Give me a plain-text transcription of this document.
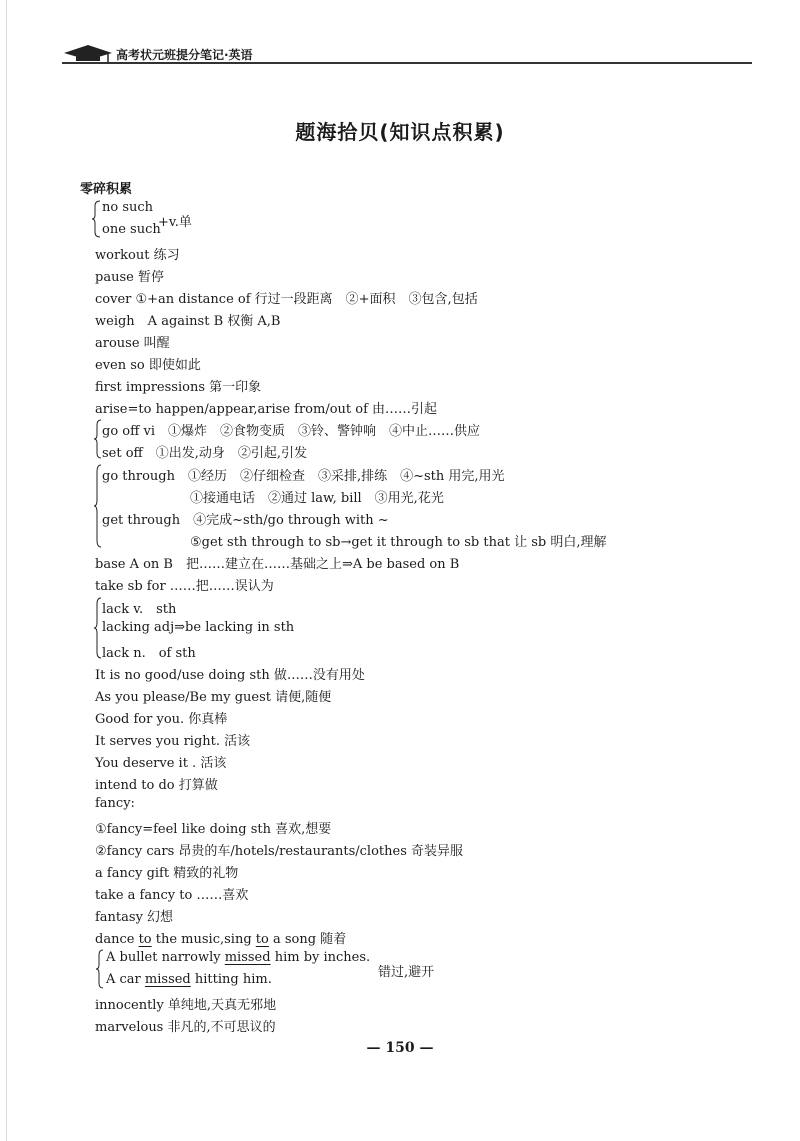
高考状元班提分笔记·英语
题海拾贝(知识点积累)
零碎积累
no such
one such
+v.单
workout 练习
pause 暂停
cover ①+an distance of 行过一段距离　②+面积　③包含,包括
weigh　A against B 权衡 A,B
arouse 叫醒
even so 即使如此
first impressions 第一印象
arise=to happen/appear,arise from/out of 由……引起
go off vi　①爆炸　②食物变质　③铃、警钟响　④中止……供应
set off　①出发,动身　②引起,引发
go through　①经历　②仔细检查　③采排,排练　④~sth 用完,用光
①接通电话　②通过 law, bill　③用光,花光
get through　④完成~sth/go through with ~
⑤get sth through to sb→get it through to sb that 让 sb 明白,理解
base A on B　把……建立在……基础之上⇒A be based on B
take sb for ……把……误认为
lack v.　sth
lacking adj⇒be lacking in sth
lack n.　of sth
It is no good/use doing sth 做……没有用处
As you please/Be my guest 请便,随便
Good for you. 你真棒
It serves you right. 活该
You deserve it . 活该
intend to do 打算做
fancy:
①fancy=feel like doing sth 喜欢,想要
②fancy cars 昂贵的车/hotels/restaurants/clothes 奇装异服
a fancy gift 精致的礼物
take a fancy to ……喜欢
fantasy 幻想
dance to the music,sing to a song 随着
A bullet narrowly missed him by inches.
A car missed hitting him.	错过,避开
innocently 单纯地,天真无邪地
marvelous 非凡的,不可思议的
— 150 —
